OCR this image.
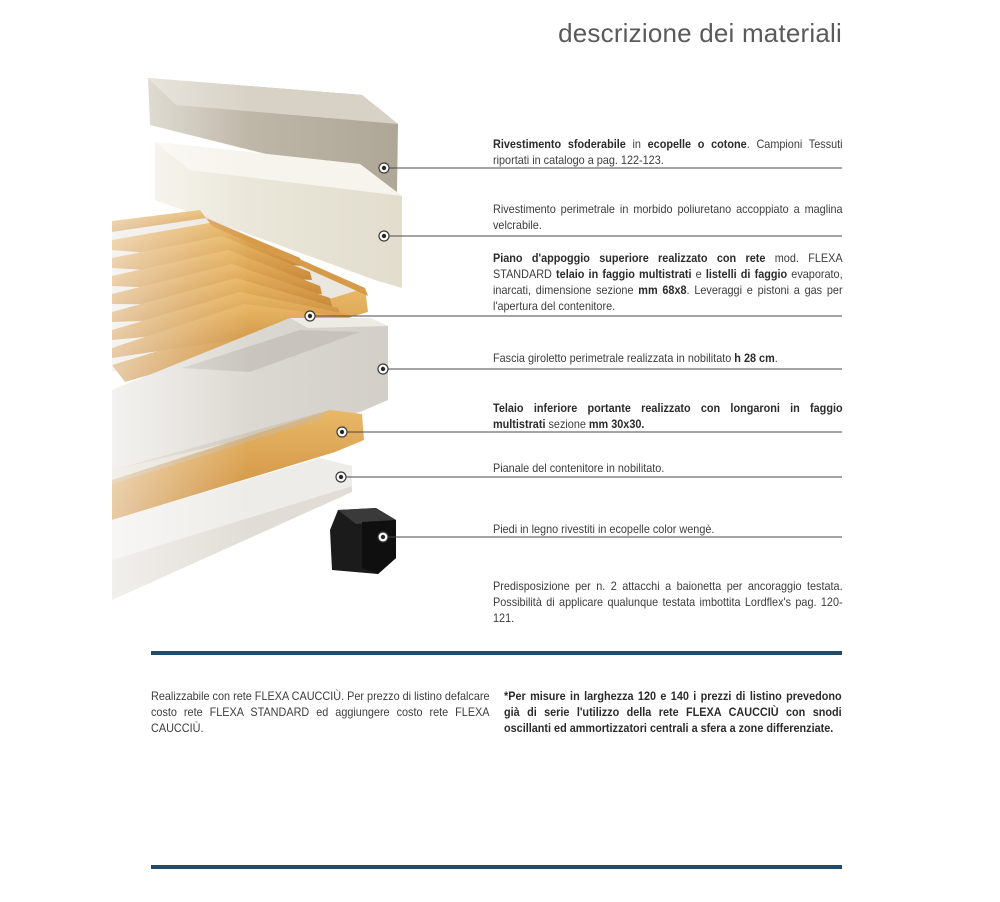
Rivestimento sfoderabile in ecopelle o cotone. Campioni Tessuti riportati in catalogo a pag. 122-123.
Rivestimento perimetrale in morbido poliuretano accoppiato a maglina velcrabile.
Piano d'appoggio superiore realizzato con rete mod. FLEXA STANDARD telaio in faggio multistrati e listelli di faggio evaporato, inarcati, dimensione sezione mm 68x8. Leveraggi e pistoni a gas per l'apertura del contenitore.
Fascia giroletto perimetrale realizzata in nobilitato h 28 cm.
Telaio inferiore portante realizzato con longaroni in faggio multistrati sezione mm 30x30.
Pianale del contenitore in nobilitato.
Piedi in legno rivestiti in ecopelle color wengè.
Predisposizione per n. 2 attacchi a baionetta per ancoraggio testata. Possibilità di applicare qualunque testata imbottita Lordflex's pag. 120-121.
Realizzabile con rete FLEXA CAUCCIÙ. Per prezzo di listino defalcare costo rete FLEXA STANDARD ed aggiungere costo rete FLEXA CAUCCIÙ.
*Per misure in larghezza 120 e 140 i prezzi di listino prevedono già di serie l'utilizzo della rete FLEXA CAUCCIÙ con snodi oscillanti ed ammortizzatori centrali a sfera a zone differenziate.
